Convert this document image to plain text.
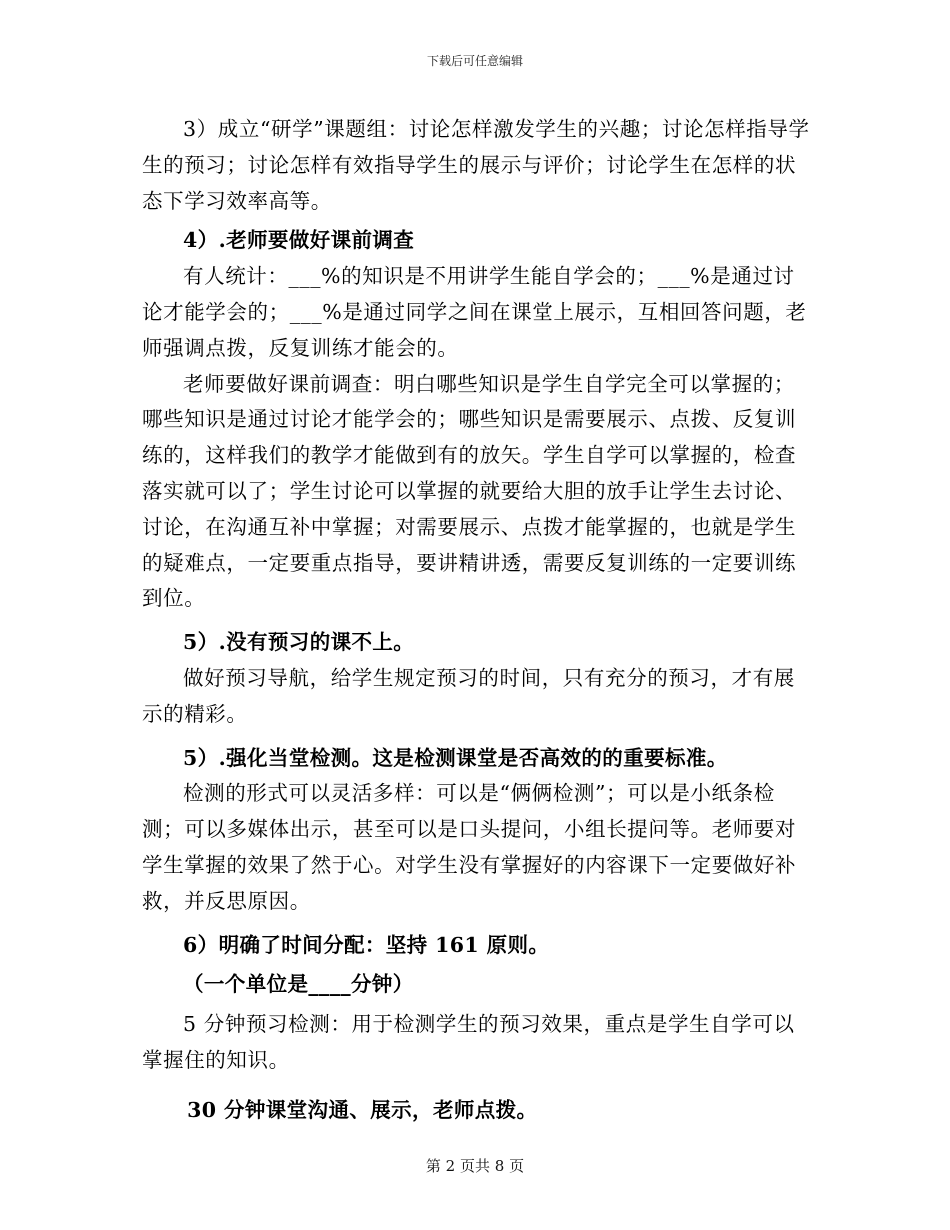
下载后可任意编辑

3）成立“研学”课题组：讨论怎样激发学生的兴趣；讨论怎样指导学生的预习；讨论怎样有效指导学生的展示与评价；讨论学生在怎样的状态下学习效率高等。

4）.老师要做好课前调查

有人统计：___%的知识是不用讲学生能自学会的；___%是通过讨论才能学会的；___%是通过同学之间在课堂上展示，互相回答问题，老师强调点拨，反复训练才能会的。

老师要做好课前调查：明白哪些知识是学生自学完全可以掌握的；哪些知识是通过讨论才能学会的；哪些知识是需要展示、点拨、反复训练的，这样我们的教学才能做到有的放矢。学生自学可以掌握的，检查落实就可以了；学生讨论可以掌握的就要给大胆的放手让学生去讨论、讨论，在沟通互补中掌握；对需要展示、点拨才能掌握的，也就是学生的疑难点，一定要重点指导，要讲精讲透，需要反复训练的一定要训练到位。

5）.没有预习的课不上。

做好预习导航，给学生规定预习的时间，只有充分的预习，才有展示的精彩。

5）.强化当堂检测。这是检测课堂是否高效的的重要标准。

检测的形式可以灵活多样：可以是“俩俩检测”；可以是小纸条检测；可以多媒体出示，甚至可以是口头提问，小组长提问等。老师要对学生掌握的效果了然于心。对学生没有掌握好的内容课下一定要做好补救，并反思原因。

6）明确了时间分配：坚持 161 原则。

（一个单位是____分钟）

5 分钟预习检测：用于检测学生的预习效果，重点是学生自学可以掌握住的知识。

30 分钟课堂沟通、展示，老师点拨。

第 2 页共 8 页
